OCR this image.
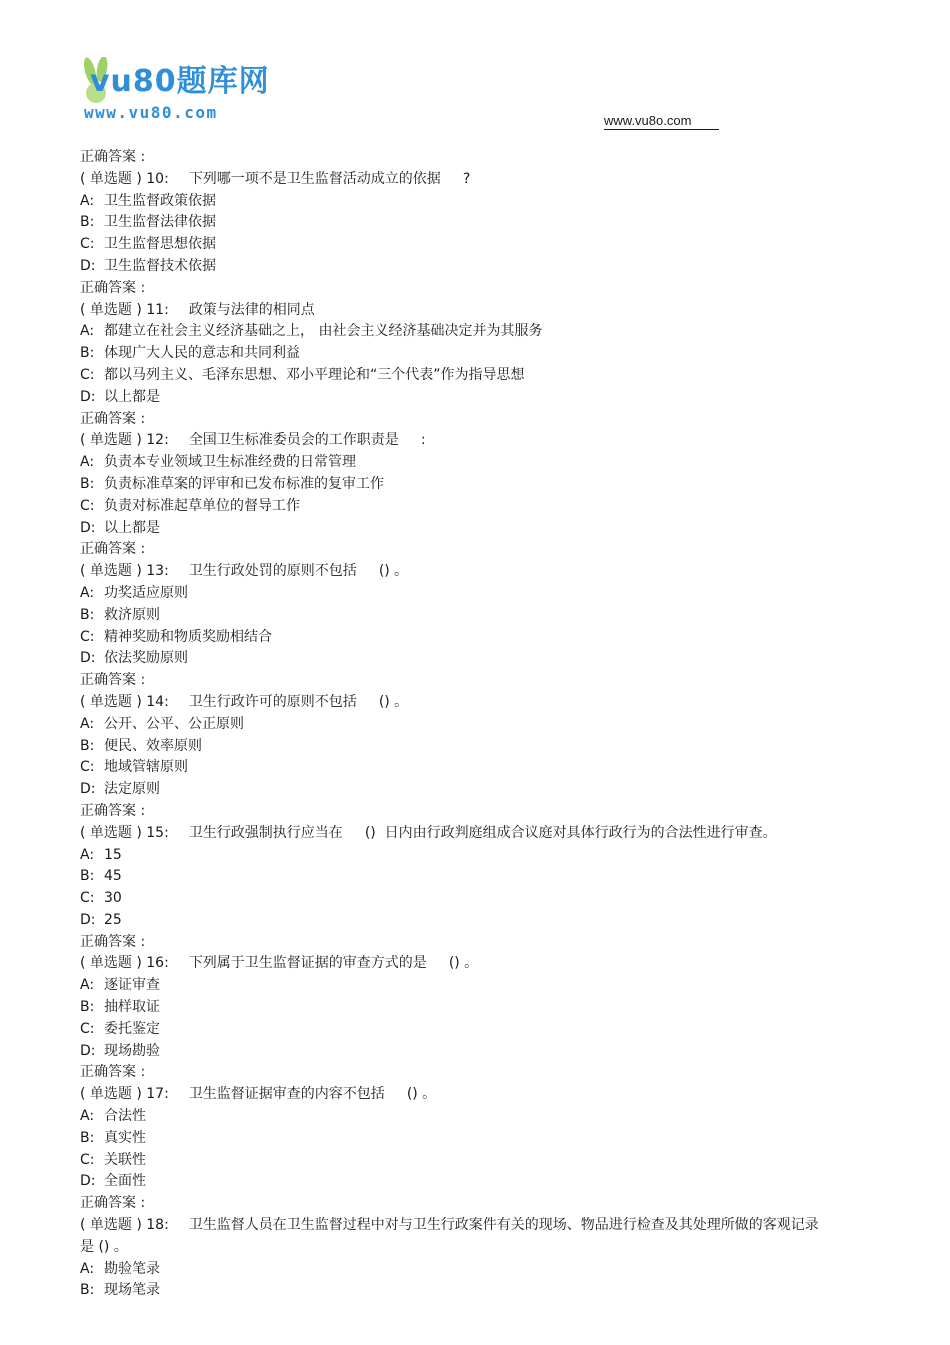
vu80题库网
www.vu80.com	www.vu8o.com
正确答案 :
( 单选题 ) 10: 下列哪一项不是卫生监督活动成立的依据 ?
A: 卫生监督政策依据
B: 卫生监督法律依据
C: 卫生监督思想依据
D: 卫生监督技术依据
正确答案 :
( 单选题 ) 11: 政策与法律的相同点
A: 都建立在社会主义经济基础之上， 由社会主义经济基础决定并为其服务
B: 体现广大人民的意志和共同利益
C: 都以马列主义、毛泽东思想、邓小平理论和“三个代表”作为指导思想
D: 以上都是
正确答案 :
( 单选题 ) 12: 全国卫生标准委员会的工作职责是 :
A: 负责本专业领域卫生标准经费的日常管理
B: 负责标准草案的评审和已发布标准的复审工作
C: 负责对标准起草单位的督导工作
D: 以上都是
正确答案 :
( 单选题 ) 13: 卫生行政处罚的原则不包括 () 。
A: 功奖适应原则
B: 救济原则
C: 精神奖励和物质奖励相结合
D: 依法奖励原则
正确答案 :
( 单选题 ) 14: 卫生行政许可的原则不包括 () 。
A: 公开、公平、公正原则
B: 便民、效率原则
C: 地域管辖原则
D: 法定原则
正确答案 :
( 单选题 ) 15: 卫生行政强制执行应当在 ()  日内由行政判庭组成合议庭对具体行政行为的合法性进行审查。
A: 15
B: 45
C: 30
D: 25
正确答案 :
( 单选题 ) 16: 下列属于卫生监督证据的审查方式的是 () 。
A: 逐证审查
B: 抽样取证
C: 委托鉴定
D: 现场勘验
正确答案 :
( 单选题 ) 17: 卫生监督证据审查的内容不包括 () 。
A: 合法性
B: 真实性
C: 关联性
D: 全面性
正确答案 :
( 单选题 ) 18: 卫生监督人员在卫生监督过程中对与卫生行政案件有关的现场、物品进行检查及其处理所做的客观记录是 () 。
A: 勘验笔录
B: 现场笔录
